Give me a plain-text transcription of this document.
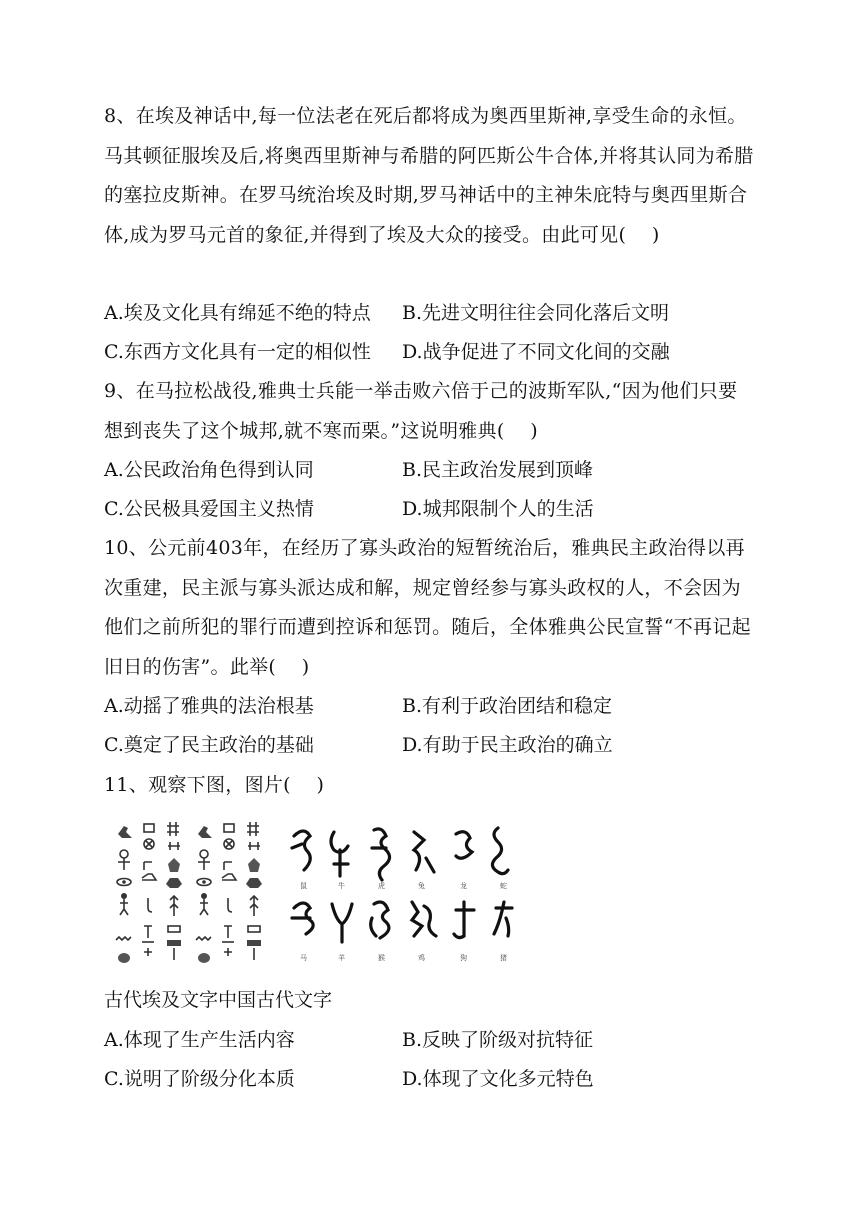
8、在埃及神话中,每一位法老在死后都将成为奥西里斯神,享受生命的永恒。马其顿征服埃及后,将奥西里斯神与希腊的阿匹斯公牛合体,并将其认同为希腊的塞拉皮斯神。在罗马统治埃及时期,罗马神话中的主神朱庇特与奥西里斯合体,成为罗马元首的象征,并得到了埃及大众的接受。由此可见(　 )

A.埃及文化具有绵延不绝的特点 B.先进文明往往会同化落后文明
C.东西方文化具有一定的相似性 D.战争促进了不同文化间的交融

9、在马拉松战役,雅典士兵能一举击败六倍于己的波斯军队,“因为他们只要想到丧失了这个城邦,就不寒而栗。”这说明雅典(　 )

A.公民政治角色得到认同	B.民主政治发展到顶峰
C.公民极具爱国主义热情	D.城邦限制个人的生活

10、公元前403年，在经历了寡头政治的短暂统治后，雅典民主政治得以再次重建，民主派与寡头派达成和解，规定曾经参与寡头政权的人，不会因为他们之前所犯的罪行而遭到控诉和惩罚。随后，全体雅典公民宣誓“不再记起旧日的伤害”。此举(　 )

A.动摇了雅典的法治根基	B.有利于政治团结和稳定
C.奠定了民主政治的基础	D.有助于民主政治的确立

11、观察下图，图片(　 )

鼠	牛	虎	兔	龙	蛇
马	羊	猴	鸡	狗	猪
古代埃及文字中国古代文字
A.体现了生产生活内容	B.反映了阶级对抗特征
C.说明了阶级分化本质	D.体现了文化多元特色
